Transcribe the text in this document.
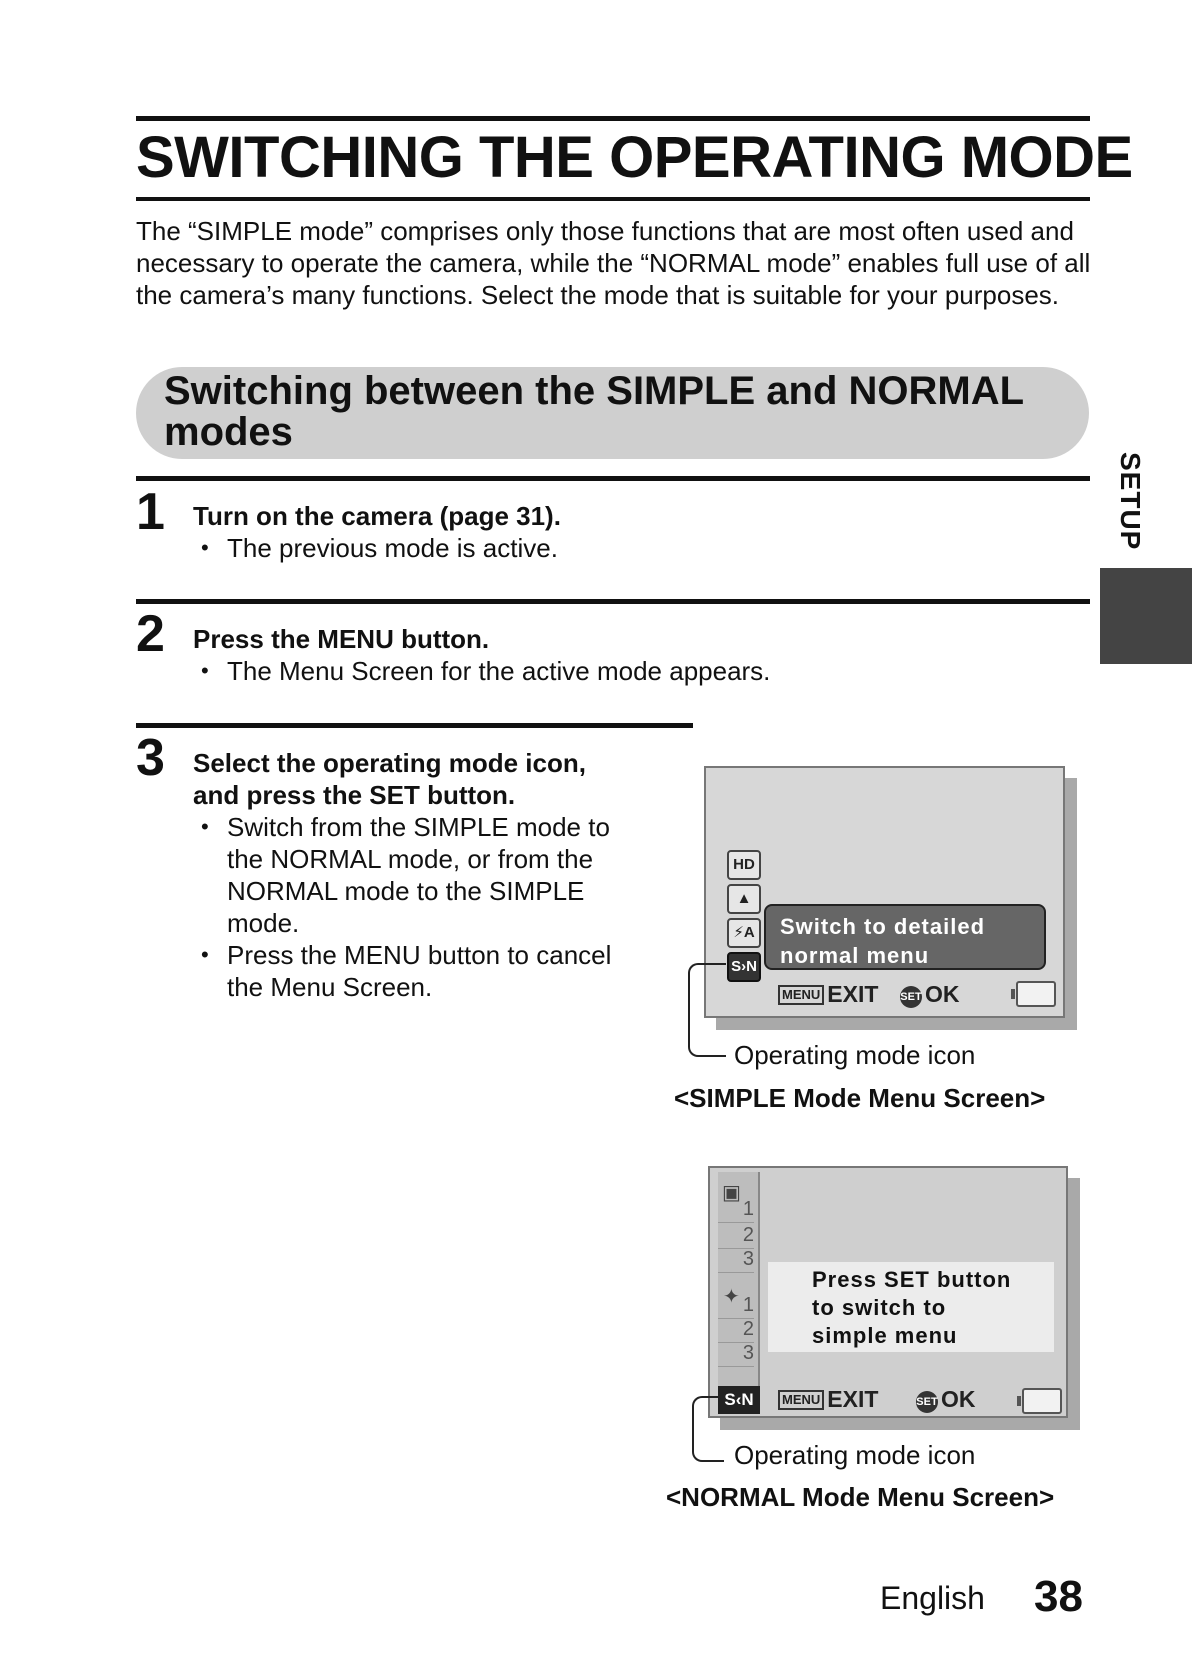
SWITCHING THE OPERATING MODE
The “SIMPLE mode” comprises only those functions that are most often used and necessary to operate the camera, while the “NORMAL mode” enables full use of all the camera’s many functions. Select the mode that is suitable for your purposes.
Switching between the SIMPLE and NORMAL modes
SETUP
1 Turn on the camera (page 31).
• The previous mode is active.
2 Press the MENU button.
• The Menu Screen for the active mode appears.
3 Select the operating mode icon,
and press the SET button.
• Switch from the SIMPLE mode to the NORMAL mode, or from the NORMAL mode to the SIMPLE mode.
• Press the MENU button to cancel the Menu Screen.
HD
▲
⚡A
S›N
Switch to detailed
normal menu
MENU EXIT SET OK
Operating mode icon
<SIMPLE Mode Menu Screen>
▣
1
2
3
✦ 1
2
3
S‹N
Press SET button
to switch to
simple menu
MENU EXIT	SET OK
Operating mode icon
<NORMAL Mode Menu Screen>
English 38
